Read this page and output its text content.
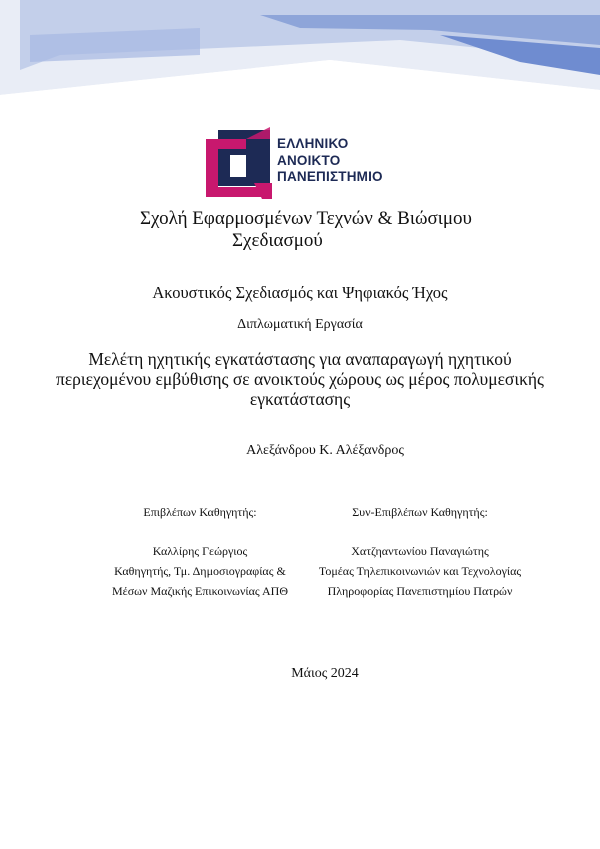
ΕΛΛΗΝΙΚΟ
ΑΝΟΙΚΤΟ
ΠΑΝΕΠΙΣΤΗΜΙΟ
Σχολή Εφαρμοσμένων Τεχνών & Βιώσιμου
Σχεδιασμού
Ακουστικός Σχεδιασμός και Ψηφιακός Ήχος
Διπλωματική Εργασία
Μελέτη ηχητικής εγκατάστασης για αναπαραγωγή ηχητικού περιεχομένου εμβύθισης σε ανοικτούς χώρους ως μέρος πολυμεσικής εγκατάστασης
Αλεξάνδρου Κ. Αλέξανδρος
Επιβλέπων Καθηγητής:
Καλλίρης Γεώργιος
Καθηγητής, Τμ. Δημοσιογραφίας &
Μέσων Μαζικής Επικοινωνίας ΑΠΘ
Συν-Επιβλέπων Καθηγητής:
Χατζηαντωνίου Παναγιώτης
Τομέας Τηλεπικοινωνιών και Τεχνολογίας
Πληροφορίας Πανεπιστημίου Πατρών
Μάιος 2024
